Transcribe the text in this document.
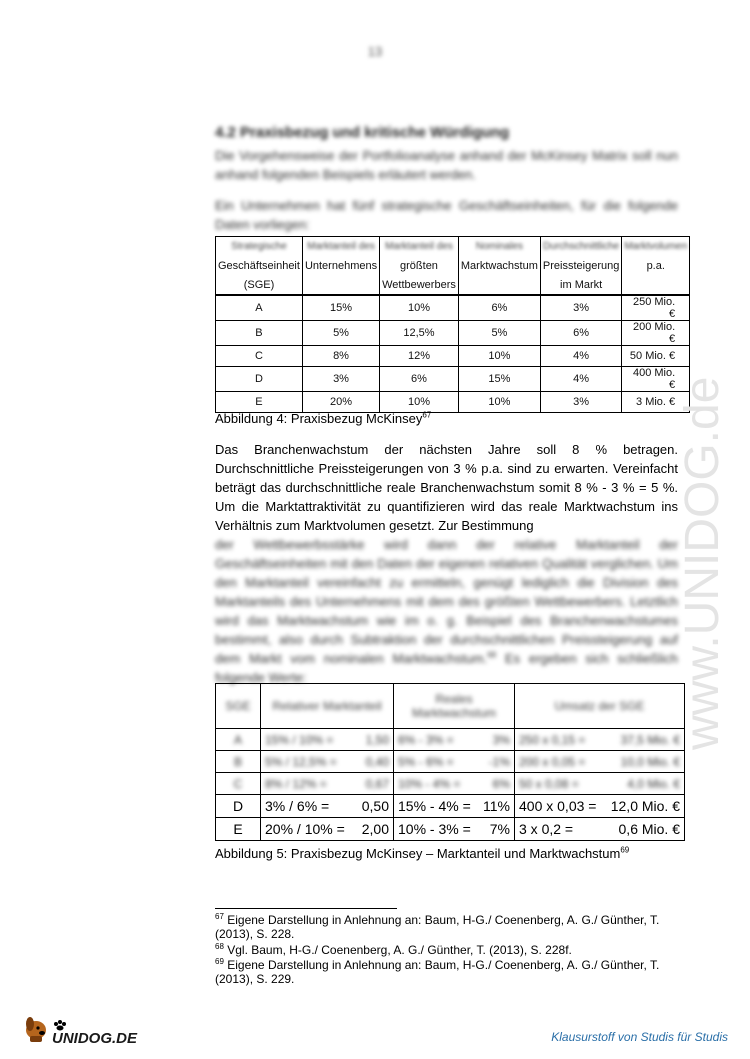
13
4.2 Praxisbezug und kritische Würdigung
Die Vorgehensweise der Portfolioanalyse anhand der McKinsey Matrix soll nun anhand folgenden Beispiels erläutert werden.
Ein Unternehmen hat fünf strategische Geschäftseinheiten, für die folgende Daten vorliegen:
Strategische	Marktanteil des	Marktanteil des	Nominales	Durchschnittliche	Marktvolumen
Geschäftseinheit	Unternehmens	größten	Marktwachstum	Preissteigerung	p.a.
(SGE)		Wettbewerbers		im Markt	
A	15%	10%	6%	3%	250 Mio. €
B	5%	12,5%	5%	6%	200 Mio. €
C	8%	12%	10%	4%	50 Mio. €
D	3%	6%	15%	4%	400 Mio. €
E	20%	10%	10%	3%	3 Mio. €
Abbildung 4: Praxisbezug McKinsey$^{67}$
Das Branchenwachstum der nächsten Jahre soll 8 % betragen. Durchschnittliche Preissteigerungen von 3 % p.a. sind zu erwarten. Vereinfacht beträgt das durchschnittliche reale Branchenwachstum somit 8 % - 3 % = 5 %. Um die Marktattraktivität zu quantifizieren wird das reale Marktwachstum ins Verhältnis zum Marktvolumen gesetzt. Zur Bestimmung
der Wettbewerbsstärke wird dann der relative Marktanteil der Geschäftseinheiten mit den Daten der eigenen relativen Qualität verglichen. Um den Marktanteil vereinfacht zu ermitteln, genügt lediglich die Division des Marktanteils des Unternehmens mit dem des größten Wettbewerbers. Letztlich wird das Marktwachstum wie im o. g. Beispiel des Branchenwachstumes bestimmt, also durch Subtraktion der durchschnittlichen Preissteigerung auf dem Markt vom nominalen Marktwachstum.$^{68}$ Es ergeben sich schließlich folgende Werte:
SGE	Relativer Marktanteil	Reales Marktwachstum	Umsatz der SGE
A	15% / 10% = 1,50	6% - 3% = 3%	250 x 0,15 = 37,5 Mio. €

B	5% / 12,5% = 0,40	5% - 6% = -1%	200 x 0,05 = 10,0 Mio. €

C	8% / 12% = 0,67	10% - 4% = 6%	50 x 0,08 = 4,0 Mio. €

D	3% / 6% = 0,50	15% - 4% = 11%	400 x 0,03 = 12,0 Mio. €

E	20% / 10% = 2,00	10% - 3% = 7%	3 x 0,2 = 0,6 Mio. €
Abbildung 5: Praxisbezug McKinsey – Marktanteil und Marktwachstum$^{69}$
$^{67}$ Eigene Darstellung in Anlehnung an: Baum, H-G./ Coenenberg, A. G./ Günther, T. (2013), S. 228.
$^{68}$ Vgl. Baum, H-G./ Coenenberg, A. G./ Günther, T. (2013), S. 228f.
$^{69}$ Eigene Darstellung in Anlehnung an: Baum, H-G./ Coenenberg, A. G./ Günther, T. (2013), S. 229.
www.UNIDOG.de
UNIDOG.DE	Klausurstoff von Studis für Studis
